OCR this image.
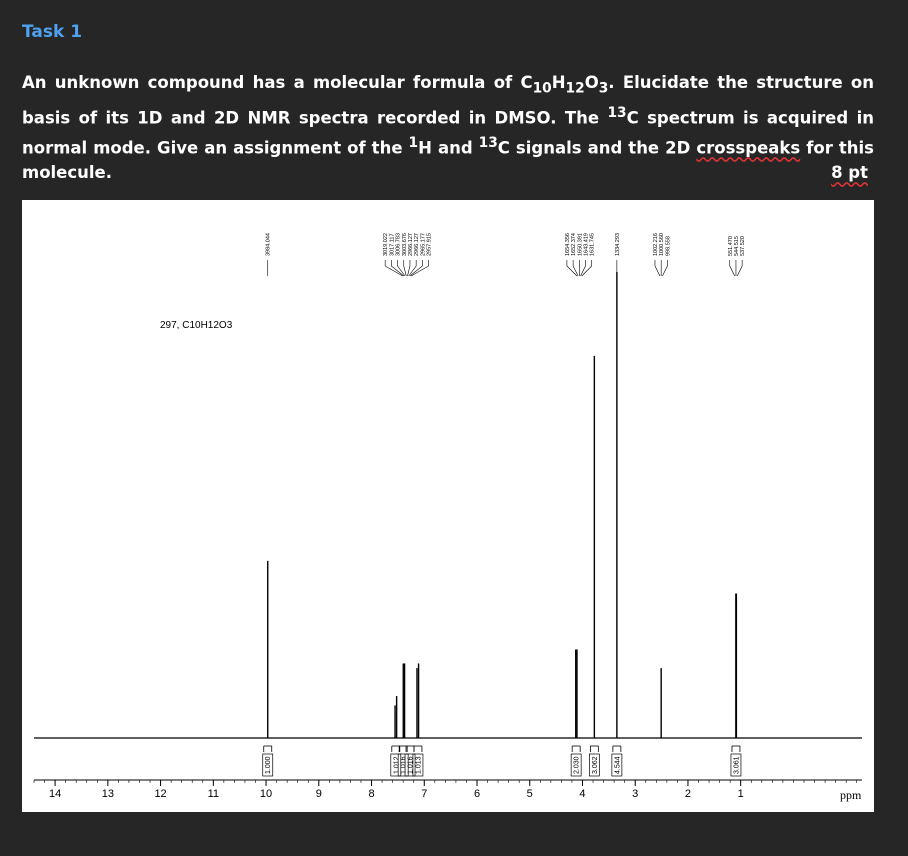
Task 1
An unknown compound has a molecular formula of $C_{10}H_{12}O_3$. Elucidate the structure on basis of its 1D and 2D NMR spectra recorded in DMSO. The $^{13}$C spectrum is acquired in normal mode. Give an assignment of the $^1$H and $^{13}$C signals and the 2D crosspeaks for this molecule.	8 pt
297, C10H12O3
3984.044	3019.022 3017.117 3006.783 3003.676 2966.127 2966.127 2965.177 2957.915	1654.356 1652.374 1650.391 1643.419 1631.745	1334.293	1002.216 1000.560 998.558	551.470 544.515 537.520
1.000	1.012 1.016 1.016 1.013	2.030 3.062 4.544	3.061
14	13	12	11	10	9	8	7	6	5	4	3	2	1	ppm
